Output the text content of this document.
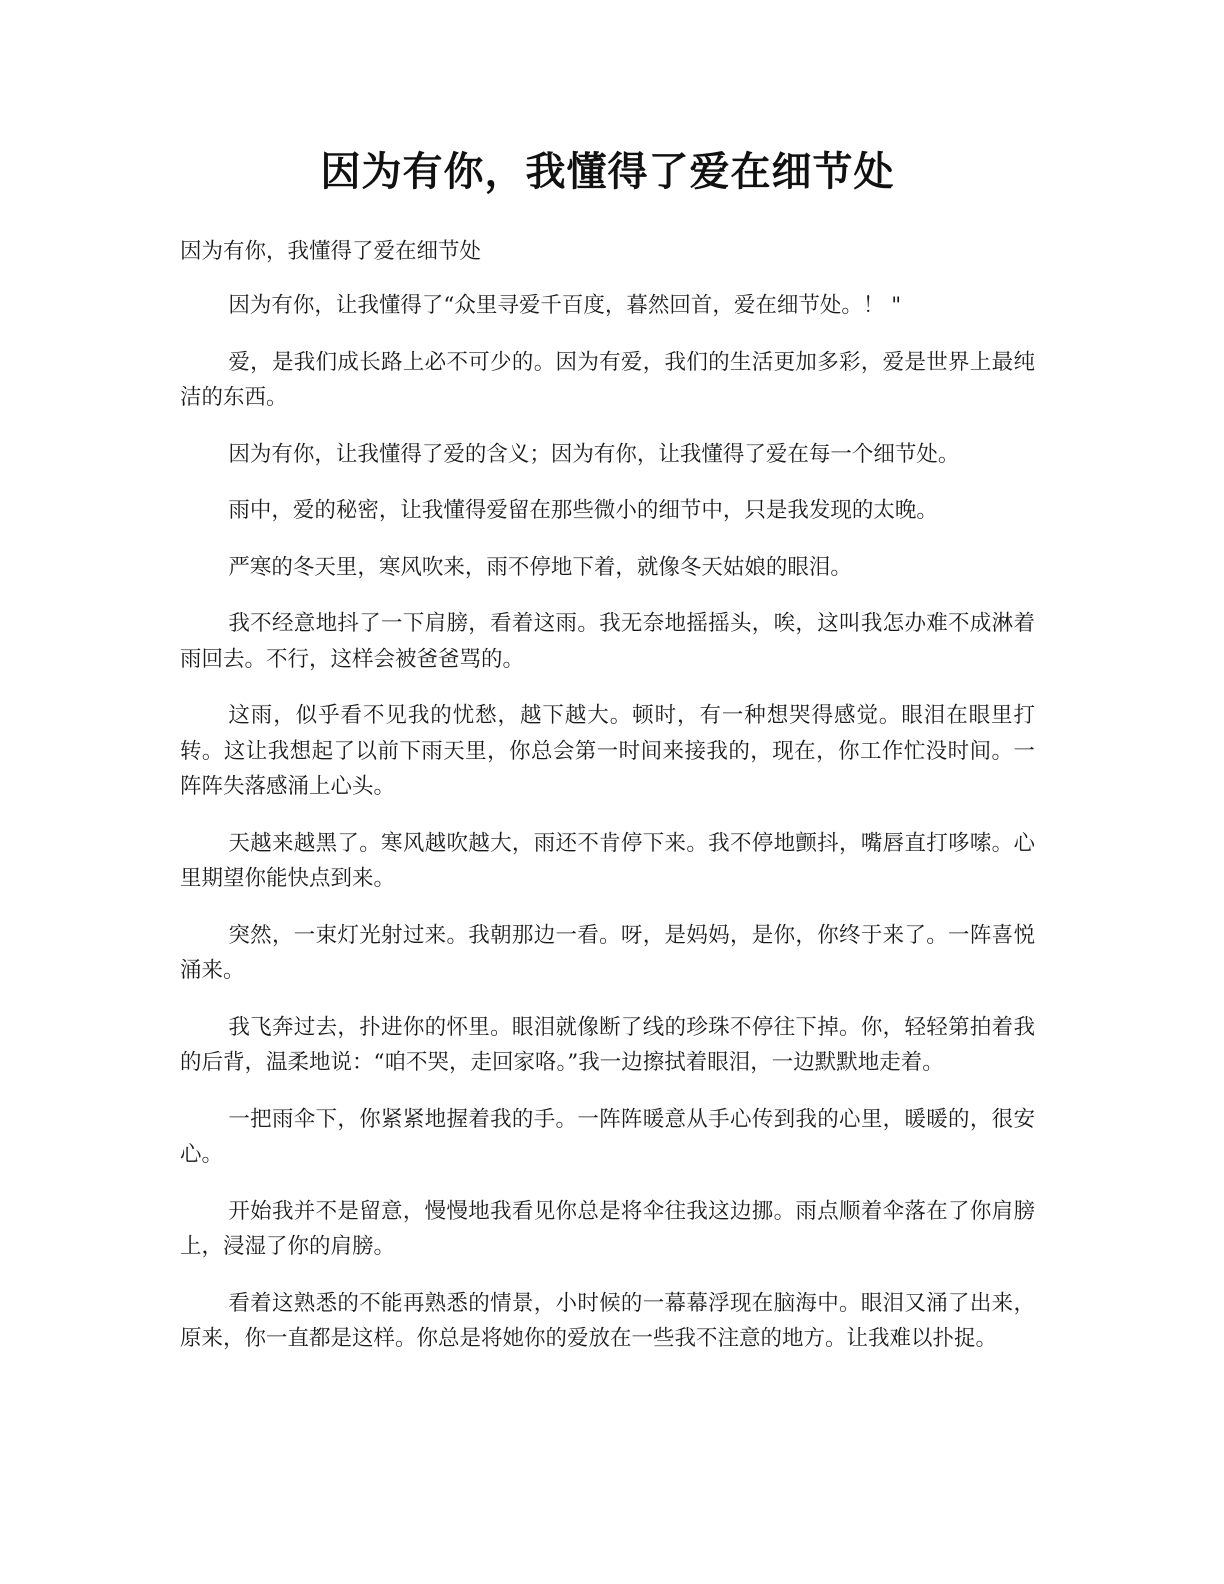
因为有你，我懂得了爱在细节处

因为有你，我懂得了爱在细节处

因为有你，让我懂得了“众里寻爱千百度，暮然回首，爱在细节处。！ "

爱，是我们成长路上必不可少的。因为有爱，我们的生活更加多彩，爱是世界上最纯洁的东西。

因为有你，让我懂得了爱的含义；因为有你，让我懂得了爱在每一个细节处。

雨中，爱的秘密，让我懂得爱留在那些微小的细节中，只是我发现的太晚。

严寒的冬天里，寒风吹来，雨不停地下着，就像冬天姑娘的眼泪。

我不经意地抖了一下肩膀，看着这雨。我无奈地摇摇头，唉，这叫我怎办难不成淋着雨回去。不行，这样会被爸爸骂的。

这雨，似乎看不见我的忧愁，越下越大。顿时，有一种想哭得感觉。眼泪在眼里打转。这让我想起了以前下雨天里，你总会第一时间来接我的，现在，你工作忙没时间。一阵阵失落感涌上心头。

天越来越黑了。寒风越吹越大，雨还不肯停下来。我不停地颤抖，嘴唇直打哆嗦。心里期望你能快点到来。

突然，一束灯光射过来。我朝那边一看。呀，是妈妈，是你，你终于来了。一阵喜悦涌来。

我飞奔过去，扑进你的怀里。眼泪就像断了线的珍珠不停往下掉。你，轻轻第拍着我的后背，温柔地说：“咱不哭，走回家咯。”我一边擦拭着眼泪，一边默默地走着。

一把雨伞下，你紧紧地握着我的手。一阵阵暖意从手心传到我的心里，暖暖的，很安心。

开始我并不是留意，慢慢地我看见你总是将伞往我这边挪。雨点顺着伞落在了你肩膀上，浸湿了你的肩膀。

看着这熟悉的不能再熟悉的情景，小时候的一幕幕浮现在脑海中。眼泪又涌了出来，原来，你一直都是这样。你总是将她你的爱放在一些我不注意的地方。让我难以扑捉。
